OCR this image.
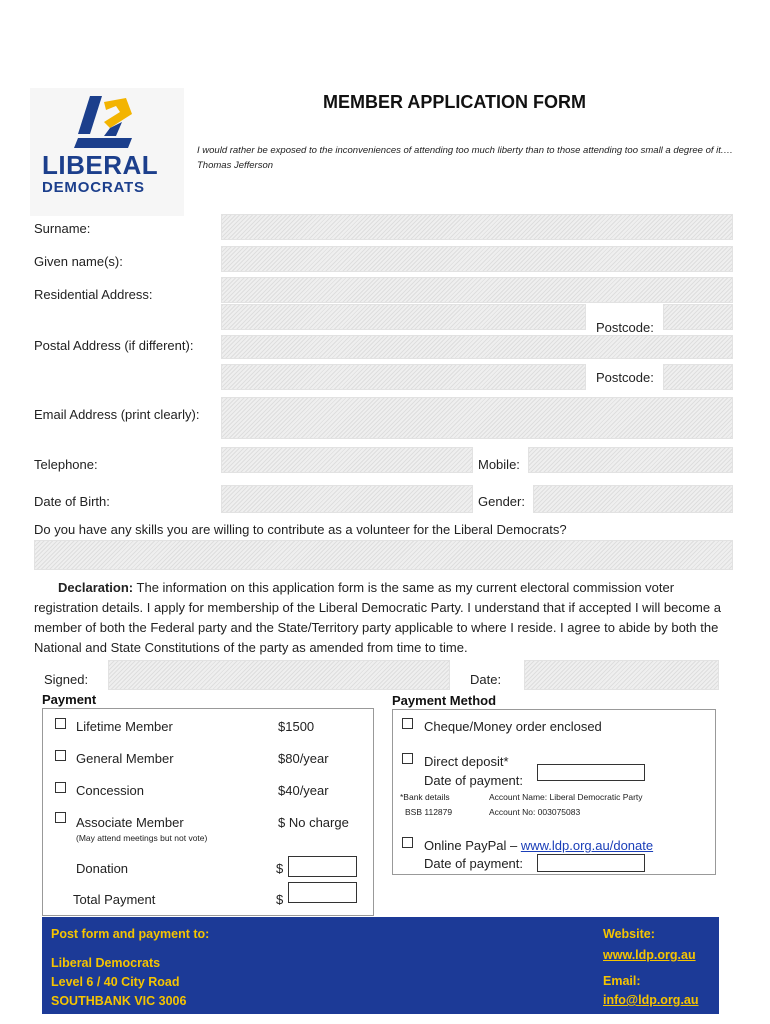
LIBERAL
DEMOCRATS
MEMBER APPLICATION FORM
I would rather be exposed to the inconveniences of attending too much liberty than to those attending too small a degree of it.…Thomas Jefferson
Surname:
Given name(s):
Residential Address:
Postcode:
Postal Address (if different):
Postcode:
Email Address (print clearly):
Telephone:	Mobile:
Date of Birth:	Gender:
Do you have any skills you are willing to contribute as a volunteer for the Liberal Democrats?
Declaration: The information on this application form is the same as my current electoral commission voter registration details. I apply for membership of the Liberal Democratic Party. I understand that if accepted I will become a member of both the Federal party and the State/Territory party applicable to where I reside. I agree to abide by both the National and State Constitutions of the party as amended from time to time.
Signed:	Date:
Payment
Lifetime Member	$1500
General Member	$80/year
Concession	$40/year
Associate Member	$ No charge
(May attend meetings but not vote)
Donation	$
Total Payment	$
Payment Method
Cheque/Money order enclosed
Direct deposit*
Date of payment:
*Bank details
BSB 112879
Account Name: Liberal Democratic Party
Account No: 003075083
Online PayPal – www.ldp.org.au/donate
Date of payment:
Post form and payment to:
Liberal Democrats
Level 6 / 40 City Road
SOUTHBANK VIC 3006
Website:
www.ldp.org.au
Email:
info@ldp.org.au
